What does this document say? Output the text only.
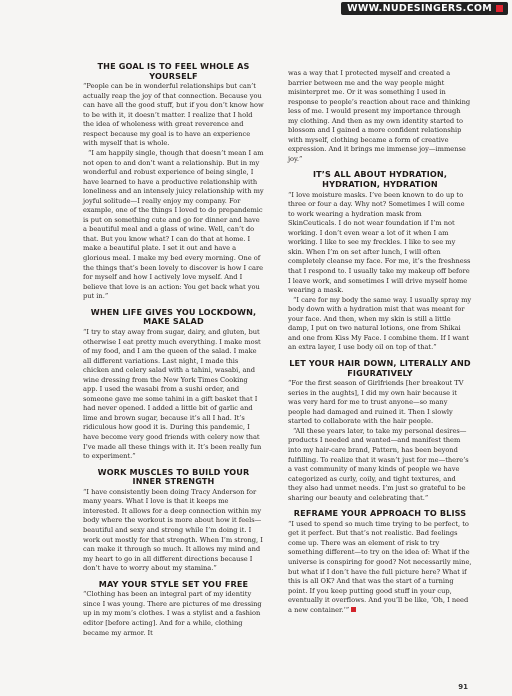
WWW.NUDESINGERS.COM
THE GOAL IS TO FEEL WHOLE AS YOURSELF

“People can be in wonderful relationships but can’t actually reap the joy of that connection. Because you can have all the good stuff, but if you don’t know how to be with it, it doesn’t matter. I realize that I hold the idea of wholeness with great reverence and respect because my goal is to have an experience with myself that is whole.

“I am happily single, though that doesn’t mean I am not open to and don’t want a relationship. But in my wonderful and robust experience of being single, I have learned to have a productive relationship with loneliness and an intensely juicy relationship with my joyful solitude—I really enjoy my company. For example, one of the things I loved to do prepandemic is put on something cute and go for dinner and have a beautiful meal and a glass of wine. Well, can’t do that. But you know what? I can do that at home. I make a beautiful plate. I set it out and have a glorious meal. I make my bed every morning. One of the things that’s been lovely to discover is how I care for myself and how I actively love myself. And I believe that love is an action: You get back what you put in.”

WHEN LIFE GIVES YOU LOCKDOWN, MAKE SALAD

“I try to stay away from sugar, dairy, and gluten, but otherwise I eat pretty much everything. I make most of my food, and I am the queen of the salad. I make all different variations. Last night, I made this chicken and celery salad with a tahini, wasabi, and wine dressing from the New York Times Cooking app. I used the wasabi from a sushi order, and someone gave me some tahini in a gift basket that I had never opened. I added a little bit of garlic and lime and brown sugar, because it’s all I had. It’s ridiculous how good it is. During this pandemic, I have become very good friends with celery now that I’ve made all these things with it. It’s been really fun to experiment.”

WORK MUSCLES TO BUILD YOUR INNER STRENGTH

“I have consistently been doing Tracy Anderson for many years. What I love is that it keeps me interested. It allows for a deep connection within my body where the workout is more about how it feels—beautiful and sexy and strong while I’m doing it. I work out mostly for that strength. When I’m strong, I can make it through so much. It allows my mind and my heart to go in all different directions because I don’t have to worry about my stamina.”

MAY YOUR STYLE SET YOU FREE

“Clothing has been an integral part of my identity since I was young. There are pictures of me dressing up in my mom’s clothes. I was a stylist and a fashion editor [before acting]. And for a while, clothing became my armor. It

was a way that I protected myself and created a barrier between me and the way people might misinterpret me. Or it was something I used in response to people’s reaction about race and thinking less of me. I would present my importance through my clothing. And then as my own identity started to blossom and I gained a more confident relationship with myself, clothing became a form of creative expression. And it brings me immense joy—immense joy.”

IT’S ALL ABOUT HYDRATION, HYDRATION, HYDRATION

“I love moisture masks. I’ve been known to do up to three or four a day. Why not? Sometimes I will come to work wearing a hydration mask from SkinCeuticals. I do not wear foundation if I’m not working. I don’t even wear a lot of it when I am working. I like to see my freckles. I like to see my skin. When I’m on set after lunch, I will often completely cleanse my face. For me, it’s the freshness that I respond to. I usually take my makeup off before I leave work, and sometimes I will drive myself home wearing a mask.

“I care for my body the same way. I usually spray my body down with a hydration mist that was meant for your face. And then, when my skin is still a little damp, I put on two natural lotions, one from Shikai and one from Kiss My Face. I combine them. If I want an extra layer, I use body oil on top of that.”

LET YOUR HAIR DOWN, LITERALLY AND FIGURATIVELY

“For the first season of Girlfriends [her breakout TV series in the aughts], I did my own hair because it was very hard for me to trust anyone—so many people had damaged and ruined it. Then I slowly started to collaborate with the hair people.

“All these years later, to take my personal desires—products I needed and wanted—and manifest them into my hair-care brand, Pattern, has been beyond fulfilling. To realize that it wasn’t just for me—there’s a vast community of many kinds of people we have categorized as curly, coily, and tight textures, and they also had unmet needs. I’m just so grateful to be sharing our beauty and celebrating that.”

REFRAME YOUR APPROACH TO BLISS

“I used to spend so much time trying to be perfect, to get it perfect. But that’s not realistic. Bad feelings come up. There was an element of risk to try something different—to try on the idea of: What if the universe is conspiring for good? Not necessarily mine, but what if I don’t have the full picture here? What if this is all OK? And that was the start of a turning point. If you keep putting good stuff in your cup, eventually it overflows. And you’ll be like, ‘Oh, I need a new container.’”

91
